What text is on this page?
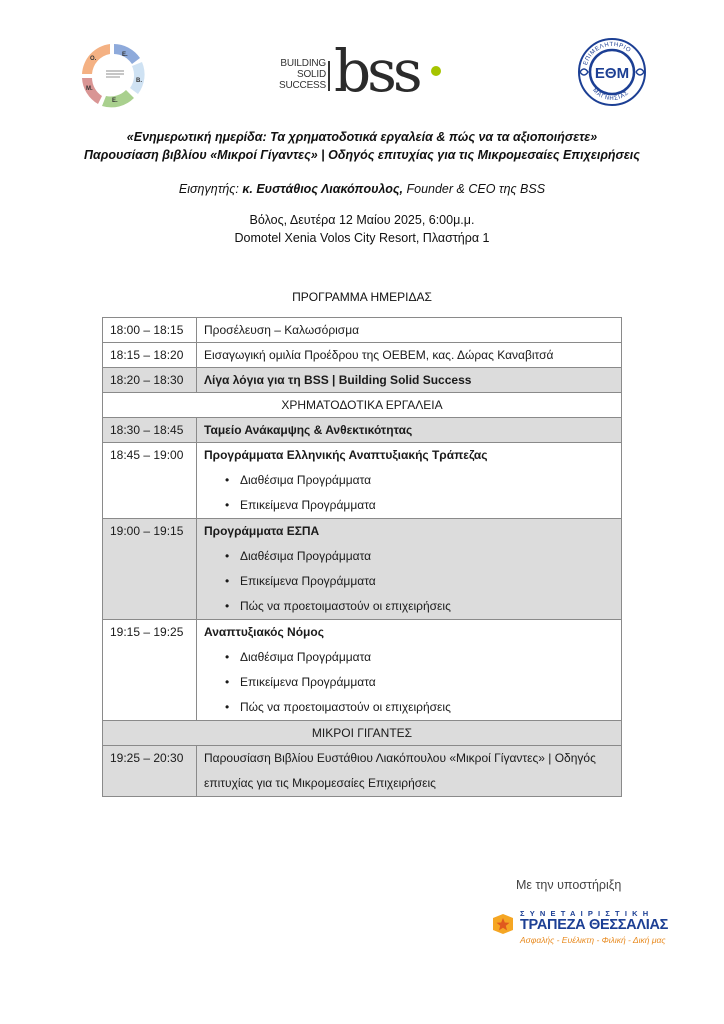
Ο.
Ε.
Β.
Ε.
Μ.
BUILDING
SOLID
SUCCESS bss	ΕΠΙΜΕΛΗΤΗΡΙΟ
ΜΑΓΝΗΣΙΑΣ
ΕΘΜ
«Ενημερωτική ημερίδα: Τα χρηματοδοτικά εργαλεία & πώς να τα αξιοποιήσετε»
Παρουσίαση βιβλίου «Μικροί Γίγαντες» | Οδηγός επιτυχίας για τις Μικρομεσαίες Επιχειρήσεις
Εισηγητής: κ. Ευστάθιος Λιακόπουλος, Founder & CEO της BSS
Βόλος, Δευτέρα 12 Μαίου 2025, 6:00μ.μ.
Domotel Xenia Volos City Resort, Πλαστήρα 1
ΠΡΟΓΡΑΜΜΑ ΗΜΕΡΙΔΑΣ
18:00 – 18:15	Προσέλευση – Καλωσόρισμα
18:15 – 18:20	Εισαγωγική ομιλία Προέδρου της ΟΕΒΕΜ, κας. Δώρας Καναβιτσά
18:20 – 18:30	Λίγα λόγια για τη BSS | Building Solid Success
ΧΡΗΜΑΤΟΔΟΤΙΚΑ ΕΡΓΑΛΕΙΑ	
18:30 – 18:45	Ταμείο Ανάκαμψης & Ανθεκτικότητας
18:45 – 19:00	Προγράμματα Ελληνικής Αναπτυξιακής Τράπεζας
• Διαθέσιμα Προγράμματα
• Επικείμενα Προγράμματα

19:00 – 19:15	Προγράμματα ΕΣΠΑ
• Διαθέσιμα Προγράμματα
• Επικείμενα Προγράμματα
• Πώς να προετοιμαστούν οι επιχειρήσεις

19:15 – 19:25	Αναπτυξιακός Νόμος
• Διαθέσιμα Προγράμματα
• Επικείμενα Προγράμματα
• Πώς να προετοιμαστούν οι επιχειρήσεις

ΜΙΚΡΟΙ ΓΙΓΑΝΤΕΣ	
19:25 – 20:30	Παρουσίαση Βιβλίου Ευστάθιου Λιακόπουλου «Μικροί Γίγαντες» | Οδηγός επιτυχίας για τις Μικρομεσαίες Επιχειρήσεις
Με την υποστήριξη
ΣΥΝΕΤΑΙΡΙΣΤΙΚΗ
ΤΡΑΠΕΖΑ ΘΕΣΣΑΛΙΑΣ
Ασφαλής - Ευέλικτη - Φιλική - Δική μας
